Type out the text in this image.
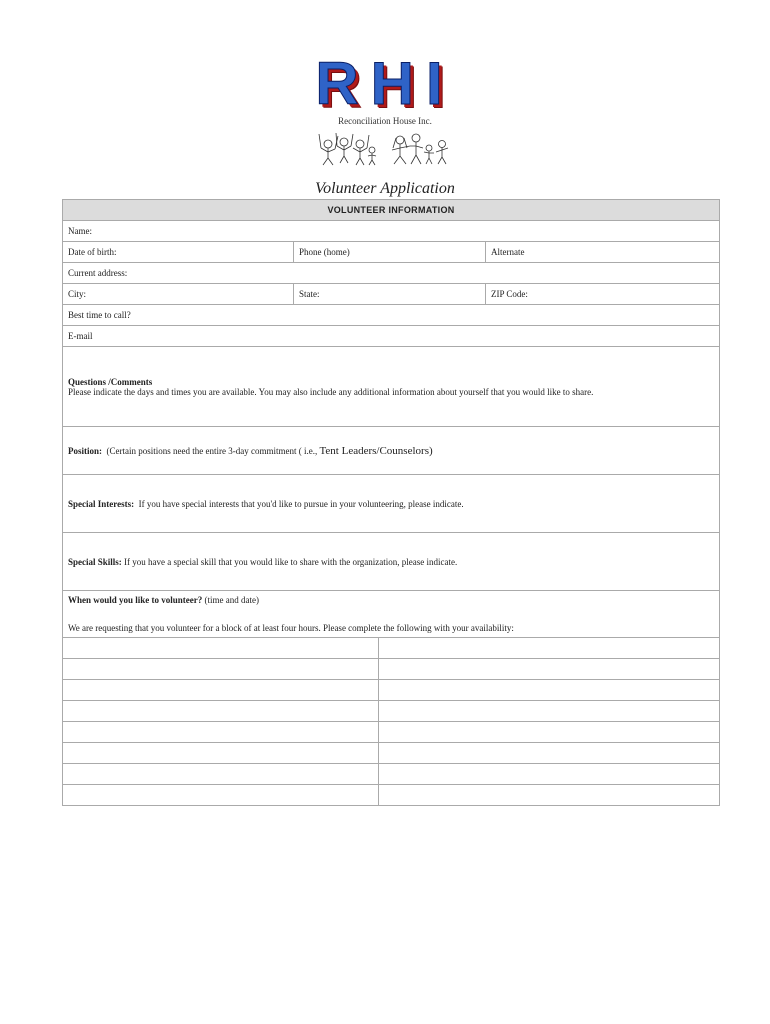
RHI
Reconciliation House Inc.
Volunteer Application
VOLUNTEER INFORMATION			
Name:			
Date of birth:	Phone (home)		Alternate
Current address:			
City:	State:		ZIP Code:
Best time to call?			
E-mail			
Questions /Comments
Please indicate the days and times you are available. You may also include any additional information about yourself that you would like to share.			
Position: (Certain positions need the entire 3-day commitment ( i.e., Tent Leaders/Counselors)			
Special Interests: If you have special interests that you'd like to pursue in your volunteering, please indicate.			
Special Skills: If you have a special skill that you would like to share with the organization, please indicate.			
When would you like to volunteer? (time and date)
We are requesting that you volunteer for a block of at least four hours. Please complete the following with your availability:			
